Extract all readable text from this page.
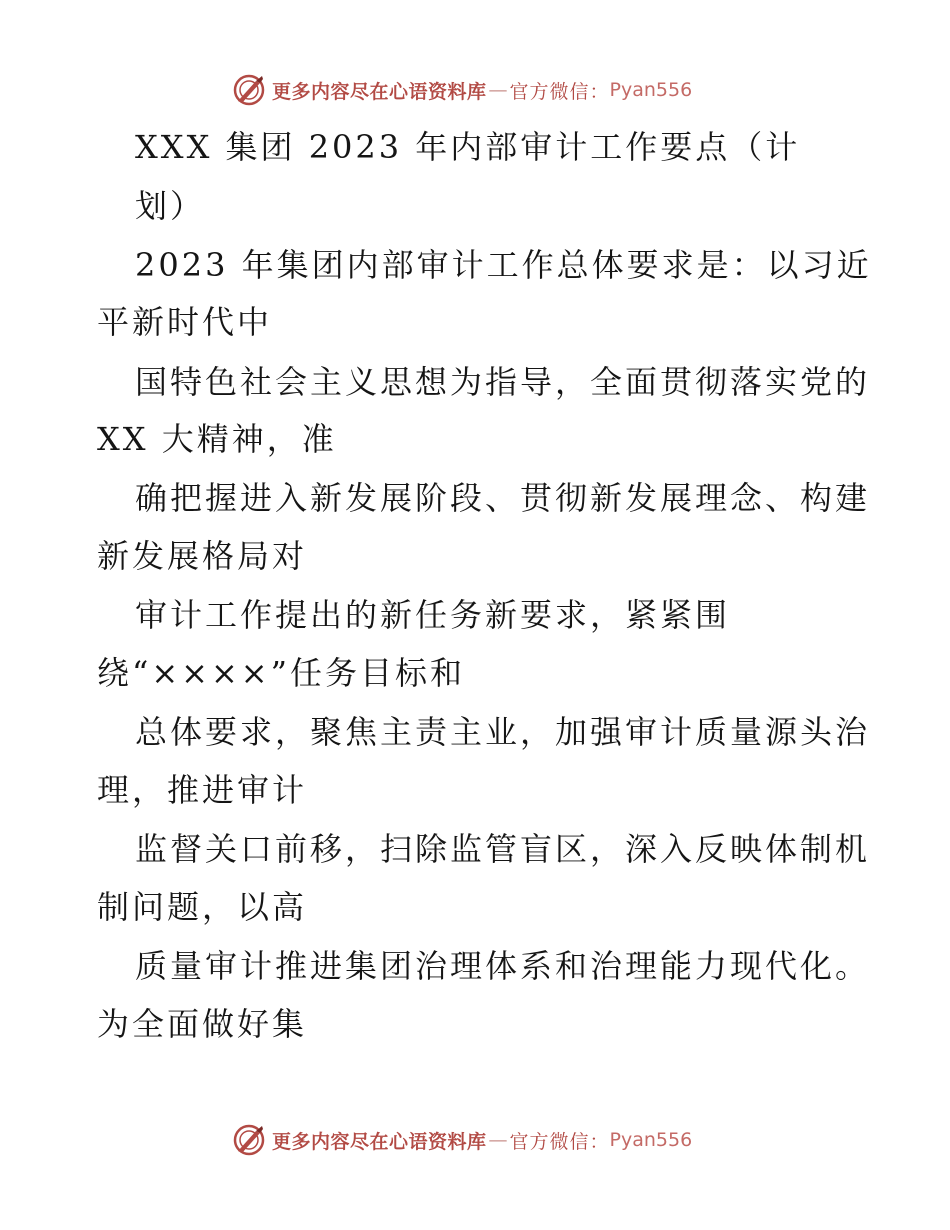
更多内容尽在心语资料库 — 官方微信： Pyan556
XXX 集团 2023 年内部审计工作要点（计
划）
2023 年集团内部审计工作总体要求是：以习近
平新时代中
国特色社会主义思想为指导，全面贯彻落实党的
XX 大精神，准
确把握进入新发展阶段、贯彻新发展理念、构建
新发展格局对
审计工作提出的新任务新要求，紧紧围
绕“××××”任务目标和
总体要求，聚焦主责主业，加强审计质量源头治
理，推进审计
监督关口前移，扫除监管盲区，深入反映体制机
制问题，以高
质量审计推进集团治理体系和治理能力现代化。
为全面做好集
更多内容尽在心语资料库 — 官方微信： Pyan556
